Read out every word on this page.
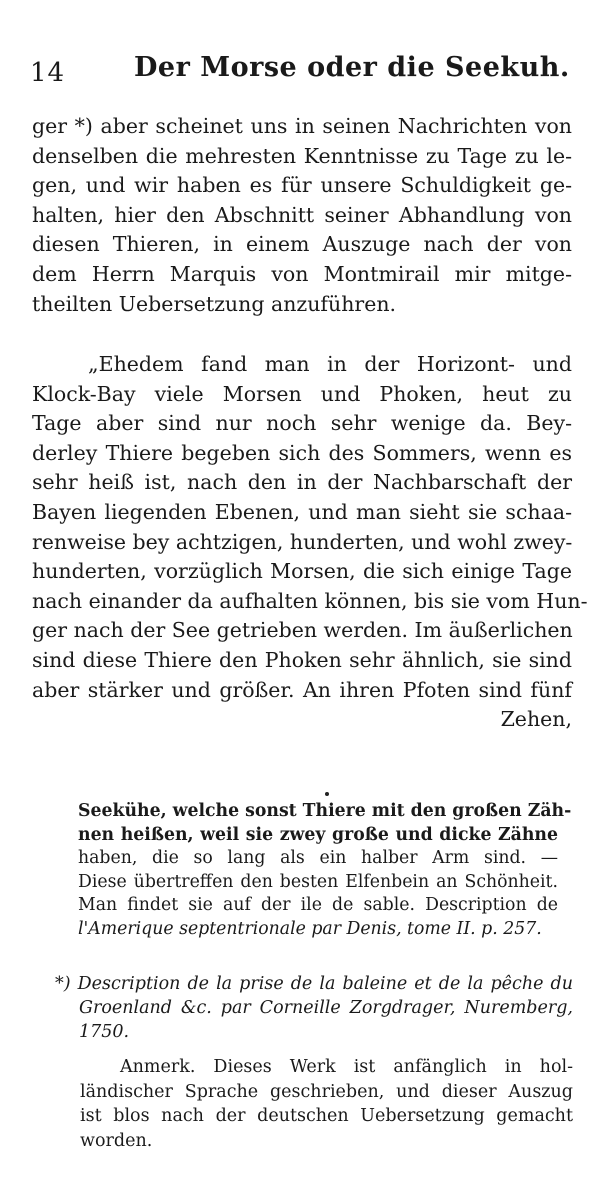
14	Der Morse oder die Seekuh.
ger *) aber scheinet uns in seinen Nachrichten von
denselben die mehresten Kenntnisse zu Tage zu le-
gen, und wir haben es für unsere Schuldigkeit ge-
halten, hier den Abschnitt seiner Abhandlung von
diesen Thieren, in einem Auszuge nach der von
dem Herrn Marquis von Montmirail mir mitge-
theilten Uebersetzung anzuführen.
„Ehedem fand man in der Horizont- und
Klock-Bay viele Morsen und Phoken, heut zu
Tage aber sind nur noch sehr wenige da. Bey-
derley Thiere begeben sich des Sommers, wenn es
sehr heiß ist, nach den in der Nachbarschaft der
Bayen liegenden Ebenen, und man sieht sie schaa-
renweise bey achtzigen, hunderten, und wohl zwey-
hunderten, vorzüglich Morsen, die sich einige Tage
nach einander da aufhalten können, bis sie vom Hun-
ger nach der See getrieben werden. Im äußerlichen
sind diese Thiere den Phoken sehr ähnlich, sie sind
aber stärker und größer. An ihren Pfoten sind fünf
Zehen,
Seekühe, welche sonst Thiere mit den großen Zäh-
nen heißen, weil sie zwey große und dicke Zähne
haben, die so lang als ein halber Arm sind. —
Diese übertreffen den besten Elfenbein an Schönheit.
Man findet sie auf der ile de sable. Description de
l'Amerique septentrionale par Denis, tome II. p. 257.
*) Description de la prise de la baleine et de la pêche du
Groenland &c. par Corneille Zorgdrager, Nuremberg,
1750.
Anmerk. Dieses Werk ist anfänglich in hol-
ländischer Sprache geschrieben, und dieser Auszug
ist blos nach der deutschen Uebersetzung gemacht
worden.
